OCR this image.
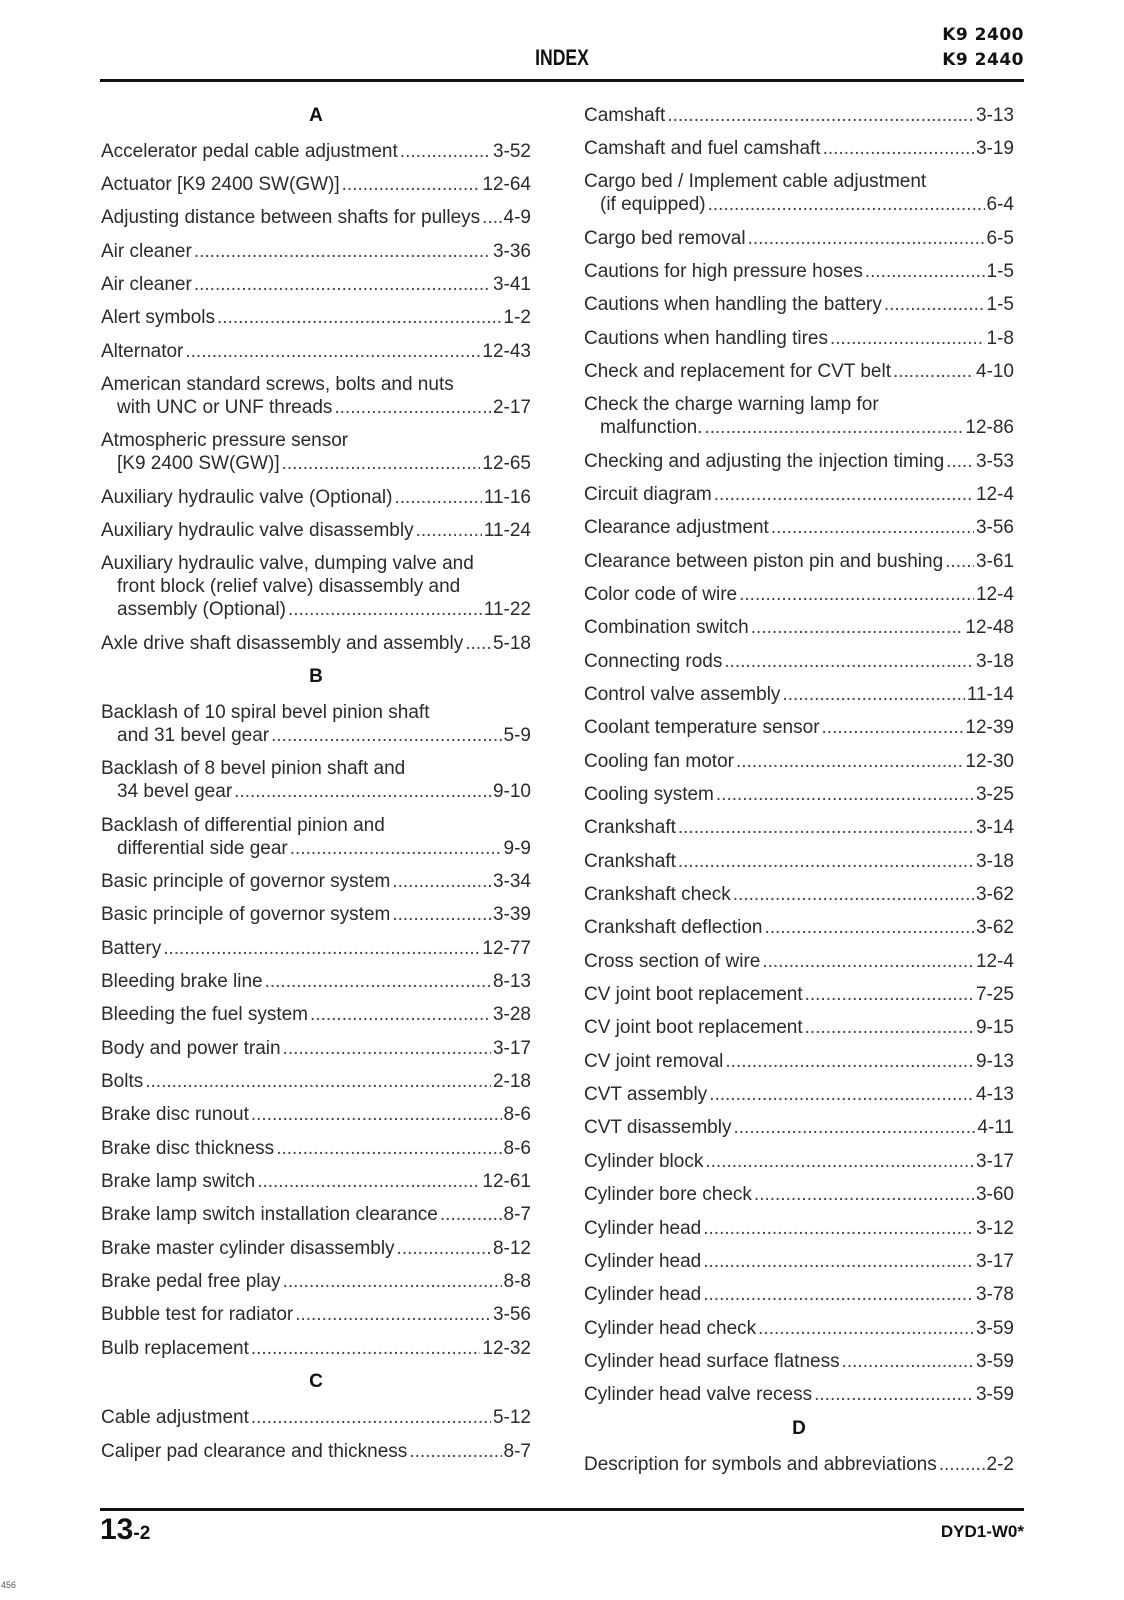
INDEX
K9 2400
K9 2440
A
Accelerator pedal cable adjustment .....	3-52
Actuator [K9 2400 SW(GW)] .....	12-64
Adjusting distance between shafts for pulleys ..... 4-9
Air cleaner .....	3-36
Air cleaner .....	3-41
Alert symbols .....	1-2
Alternator .....	12-43
American standard screws, bolts and nuts
with UNC or UNF threads .....	2-17
Atmospheric pressure sensor
[K9 2400 SW(GW)] .....	12-65
Auxiliary hydraulic valve (Optional) .....	11-16
Auxiliary hydraulic valve disassembly .....	11-24
Auxiliary hydraulic valve, dumping valve and
front block (relief valve) disassembly and
assembly (Optional) .....	11-22
Axle drive shaft disassembly and assembly ..... 5-18
B
Backlash of 10 spiral bevel pinion shaft
and 31 bevel gear .....	5-9
Backlash of 8 bevel pinion shaft and
34 bevel gear .....	9-10
Backlash of differential pinion and
differential side gear .....	9-9
Basic principle of governor system .....	3-34
Basic principle of governor system .....	3-39
Battery .....	12-77
Bleeding brake line .....	8-13
Bleeding the fuel system .....	3-28
Body and power train .....	3-17
Bolts .....	2-18
Brake disc runout .....	8-6
Brake disc thickness .....	8-6
Brake lamp switch .....	12-61
Brake lamp switch installation clearance .....	8-7
Brake master cylinder disassembly .....	8-12
Brake pedal free play .....	8-8
Bubble test for radiator .....	3-56
Bulb replacement .....	12-32
C
Cable adjustment .....	5-12
Caliper pad clearance and thickness .....	8-7
Camshaft .....	3-13
Camshaft and fuel camshaft .....	3-19
Cargo bed / Implement cable adjustment
(if equipped) .....	6-4
Cargo bed removal .....	6-5
Cautions for high pressure hoses .....	1-5
Cautions when handling the battery .....	1-5
Cautions when handling tires .....	1-8
Check and replacement for CVT belt .....	4-10
Check the charge warning lamp for
malfunction. .....	12-86
Checking and adjusting the injection timing ..... 3-53
Circuit diagram .....	12-4
Clearance adjustment .....	3-56
Clearance between piston pin and bushing ..... 3-61
Color code of wire .....	12-4
Combination switch .....	12-48
Connecting rods .....	3-18
Control valve assembly .....	11-14
Coolant temperature sensor .....	12-39
Cooling fan motor .....	12-30
Cooling system .....	3-25
Crankshaft .....	3-14
Crankshaft .....	3-18
Crankshaft check .....	3-62
Crankshaft deflection .....	3-62
Cross section of wire .....	12-4
CV joint boot replacement .....	7-25
CV joint boot replacement .....	9-15
CV joint removal .....	9-13
CVT assembly .....	4-13
CVT disassembly .....	4-11
Cylinder block .....	3-17
Cylinder bore check .....	3-60
Cylinder head .....	3-12
Cylinder head .....	3-17
Cylinder head .....	3-78
Cylinder head check .....	3-59
Cylinder head surface flatness .....	3-59
Cylinder head valve recess .....	3-59
D
Description for symbols and abbreviations .....	2-2
13 -2	DYD1-W0*
456
